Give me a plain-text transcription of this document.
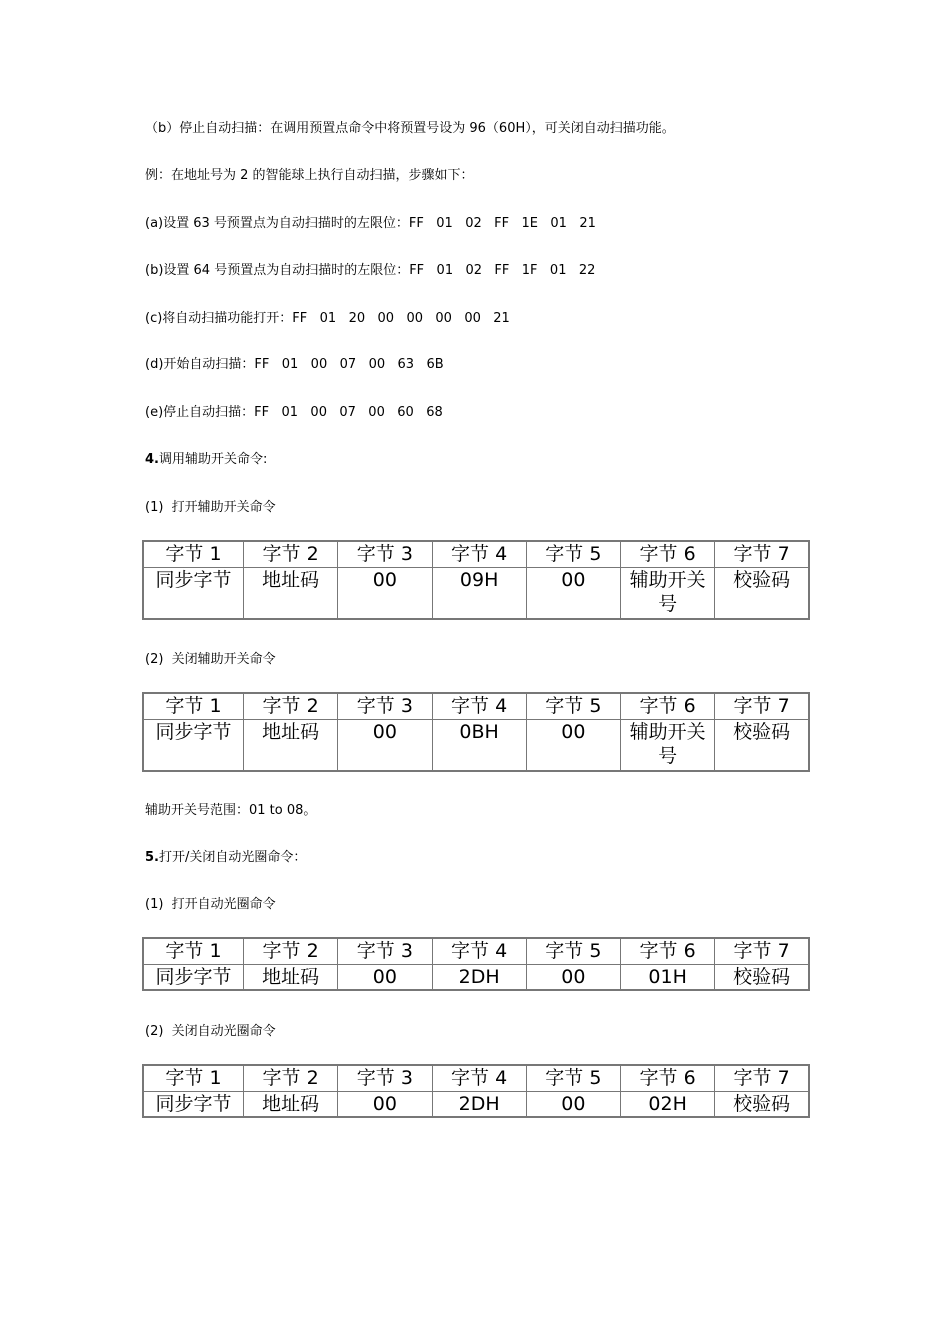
（b）停止自动扫描：在调用预置点命令中将预置号设为 96（60H），可关闭自动扫描功能。
例：在地址号为 2 的智能球上执行自动扫描，步骤如下：
(a)设置 63 号预置点为自动扫描时的左限位：FF   01   02   FF   1E   01   21
(b)设置 64 号预置点为自动扫描时的左限位：FF   01   02   FF   1F   01   22
(c)将自动扫描功能打开：FF   01   20   00   00   00   00   21
(d)开始自动扫描：FF   01   00   07   00   63   6B
(e)停止自动扫描：FF   01   00   07   00   60   68
4.调用辅助开关命令:
(1)  打开辅助开关命令
字节 1	字节 2	字节 3	字节 4	字节 5	字节 6	字节 7
同步字节	地址码	00	09H	00	辅助开关号	校验码
(2)  关闭辅助开关命令
字节 1	字节 2	字节 3	字节 4	字节 5	字节 6	字节 7
同步字节	地址码	00	0BH	00	辅助开关号	校验码
辅助开关号范围：01 to 08。
5.打开/关闭自动光圈命令：
(1)  打开自动光圈命令
字节 1	字节 2	字节 3	字节 4	字节 5	字节 6	字节 7
同步字节	地址码	00	2DH	00	01H	校验码
(2)  关闭自动光圈命令
字节 1	字节 2	字节 3	字节 4	字节 5	字节 6	字节 7
同步字节	地址码	00	2DH	00	02H	校验码
